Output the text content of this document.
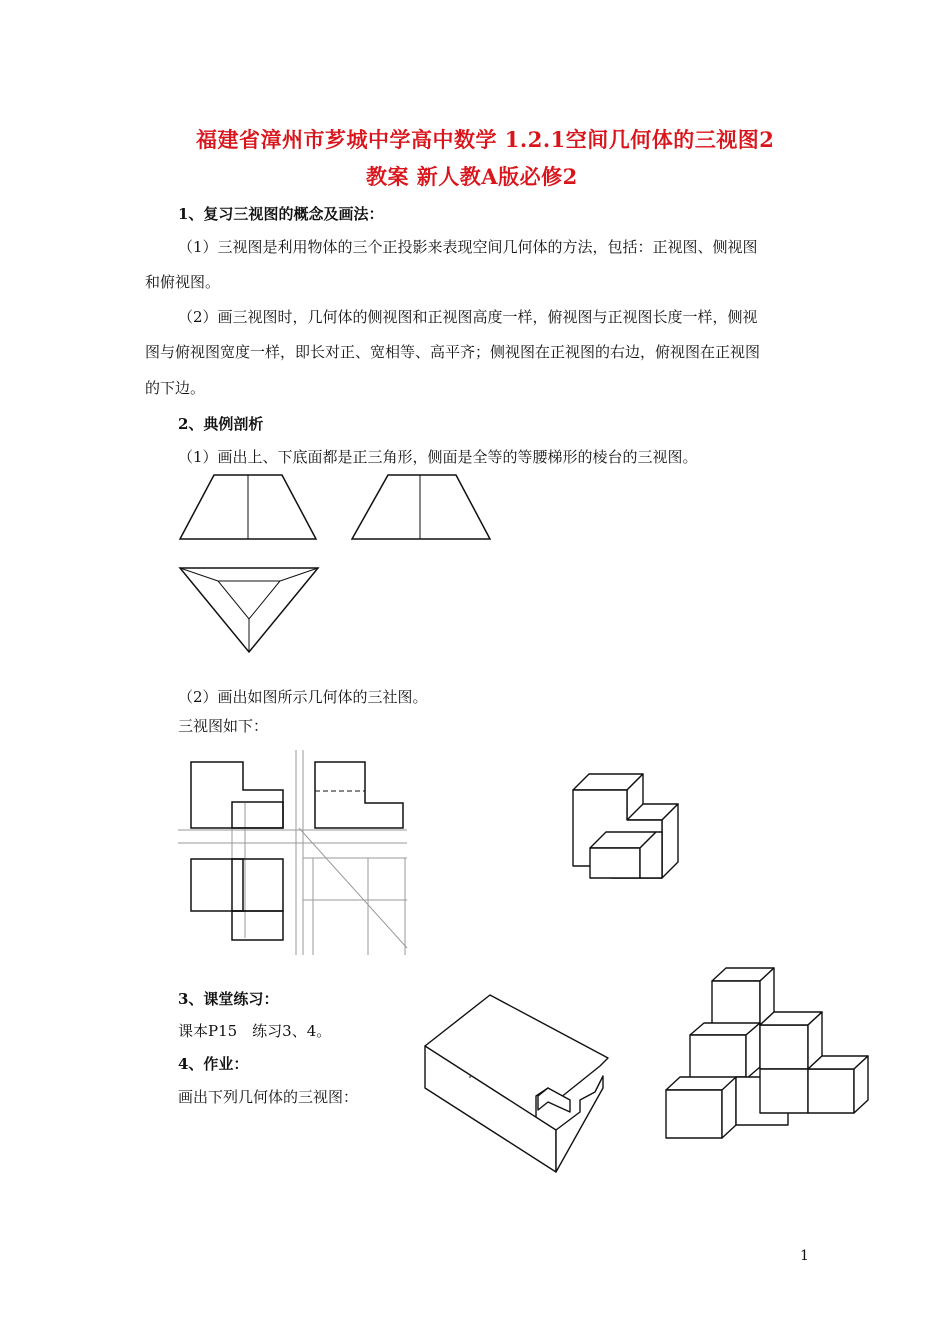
福建省漳州市芗城中学高中数学 1.2.1空间几何体的三视图2
教案 新人教A版必修2
1、复习三视图的概念及画法：
（1）三视图是利用物体的三个正投影来表现空间几何体的方法，包括：正视图、侧视图
和俯视图。
（2）画三视图时，几何体的侧视图和正视图高度一样，俯视图与正视图长度一样，侧视
图与俯视图宽度一样，即长对正、宽相等、高平齐；侧视图在正视图的右边，俯视图在正视图
的下边。
2、典例剖析
（1）画出上、下底面都是正三角形，侧面是全等的等腰梯形的棱台的三视图。
（2）画出如图所示几何体的三社图。
三视图如下：
3、课堂练习：
课本P15　练习3、4。
4、作业：
画出下列几何体的三视图：
1
